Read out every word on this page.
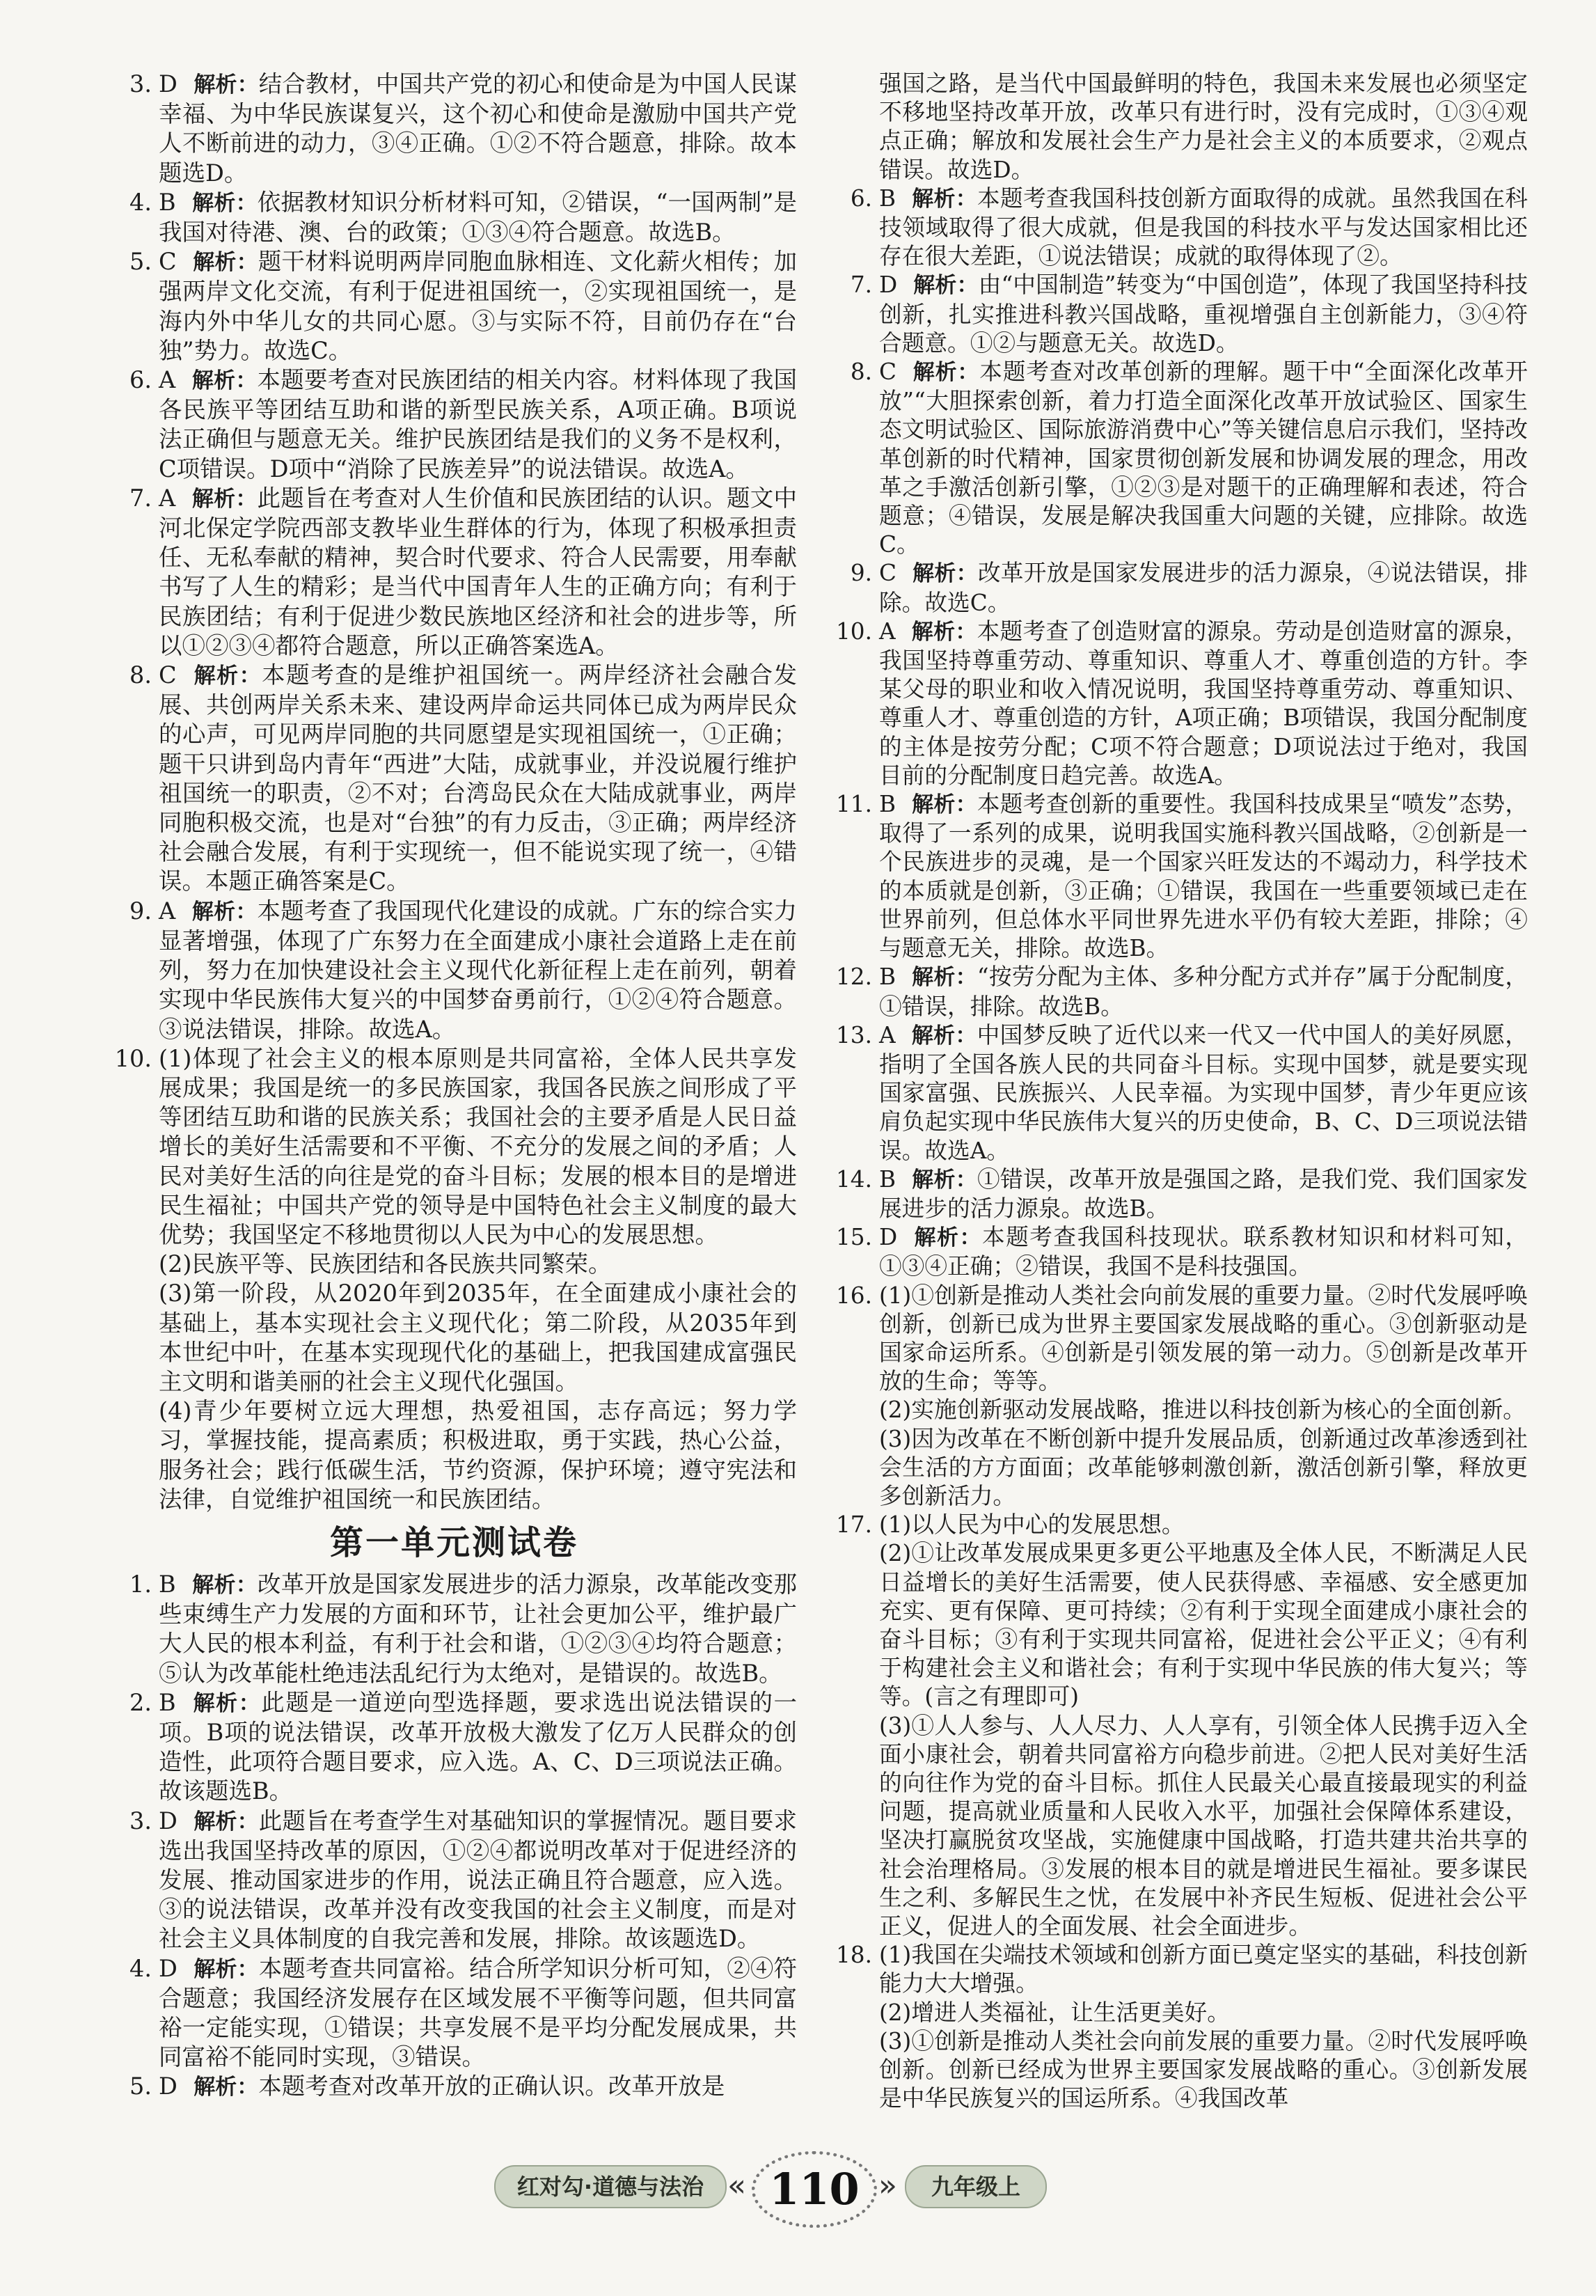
3. D 解析：结合教材，中国共产党的初心和使命是为中国人民谋幸福、为中华民族谋复兴，这个初心和使命是激励中国共产党人不断前进的动力，③④正确。①②不符合题意，排除。故本题选D。
4. B 解析：依据教材知识分析材料可知，②错误，“一国两制”是我国对待港、澳、台的政策；①③④符合题意。故选B。
5. C 解析：题干材料说明两岸同胞血脉相连、文化薪火相传；加强两岸文化交流，有利于促进祖国统一，②实现祖国统一，是海内外中华儿女的共同心愿。③与实际不符，目前仍存在“台独”势力。故选C。
6. A 解析：本题要考查对民族团结的相关内容。材料体现了我国各民族平等团结互助和谐的新型民族关系，A项正确。B项说法正确但与题意无关。维护民族团结是我们的义务不是权利，C项错误。D项中“消除了民族差异”的说法错误。故选A。
7. A 解析：此题旨在考查对人生价值和民族团结的认识。题文中河北保定学院西部支教毕业生群体的行为，体现了积极承担责任、无私奉献的精神，契合时代要求、符合人民需要，用奉献书写了人生的精彩；是当代中国青年人生的正确方向；有利于民族团结；有利于促进少数民族地区经济和社会的进步等，所以①②③④都符合题意，所以正确答案选A。
8. C 解析：本题考查的是维护祖国统一。两岸经济社会融合发展、共创两岸关系未来、建设两岸命运共同体已成为两岸民众的心声，可见两岸同胞的共同愿望是实现祖国统一，①正确；题干只讲到岛内青年“西进”大陆，成就事业，并没说履行维护祖国统一的职责，②不对；台湾岛民众在大陆成就事业，两岸同胞积极交流，也是对“台独”的有力反击，③正确；两岸经济社会融合发展，有利于实现统一，但不能说实现了统一，④错误。本题正确答案是C。
9. A 解析：本题考查了我国现代化建设的成就。广东的综合实力显著增强，体现了广东努力在全面建成小康社会道路上走在前列，努力在加快建设社会主义现代化新征程上走在前列，朝着实现中华民族伟大复兴的中国梦奋勇前行，①②④符合题意。③说法错误，排除。故选A。
10. (1)体现了社会主义的根本原则是共同富裕，全体人民共享发展成果；我国是统一的多民族国家，我国各民族之间形成了平等团结互助和谐的民族关系；我国社会的主要矛盾是人民日益增长的美好生活需要和不平衡、不充分的发展之间的矛盾；人民对美好生活的向往是党的奋斗目标；发展的根本目的是增进民生福祉；中国共产党的领导是中国特色社会主义制度的最大优势；我国坚定不移地贯彻以人民为中心的发展思想。
(2)民族平等、民族团结和各民族共同繁荣。
(3)第一阶段，从2020年到2035年，在全面建成小康社会的基础上，基本实现社会主义现代化；第二阶段，从2035年到本世纪中叶，在基本实现现代化的基础上，把我国建成富强民主文明和谐美丽的社会主义现代化强国。
(4)青少年要树立远大理想，热爱祖国，志存高远；努力学习，掌握技能，提高素质；积极进取，勇于实践，热心公益，服务社会；践行低碳生活，节约资源，保护环境；遵守宪法和法律，自觉维护祖国统一和民族团结。
第一单元测试卷
1. B 解析：改革开放是国家发展进步的活力源泉，改革能改变那些束缚生产力发展的方面和环节，让社会更加公平，维护最广大人民的根本利益，有利于社会和谐，①②③④均符合题意；⑤认为改革能杜绝违法乱纪行为太绝对，是错误的。故选B。
2. B 解析：此题是一道逆向型选择题，要求选出说法错误的一项。B项的说法错误，改革开放极大激发了亿万人民群众的创造性，此项符合题目要求，应入选。A、C、D三项说法正确。故该题选B。
3. D 解析：此题旨在考查学生对基础知识的掌握情况。题目要求选出我国坚持改革的原因，①②④都说明改革对于促进经济的发展、推动国家进步的作用，说法正确且符合题意，应入选。③的说法错误，改革并没有改变我国的社会主义制度，而是对社会主义具体制度的自我完善和发展，排除。故该题选D。
4. D 解析：本题考查共同富裕。结合所学知识分析可知，②④符合题意；我国经济发展存在区域发展不平衡等问题，但共同富裕一定能实现，①错误；共享发展不是平均分配发展成果，共同富裕不能同时实现，③错误。
5. D 解析：本题考查对改革开放的正确认识。改革开放是

强国之路，是当代中国最鲜明的特色，我国未来发展也必须坚定不移地坚持改革开放，改革只有进行时，没有完成时，①③④观点正确；解放和发展社会生产力是社会主义的本质要求，②观点错误。故选D。

6. B 解析：本题考查我国科技创新方面取得的成就。虽然我国在科技领域取得了很大成就，但是我国的科技水平与发达国家相比还存在很大差距，①说法错误；成就的取得体现了②。
7. D 解析：由“中国制造”转变为“中国创造”，体现了我国坚持科技创新，扎实推进科教兴国战略，重视增强自主创新能力，③④符合题意。①②与题意无关。故选D。
8. C 解析：本题考查对改革创新的理解。题干中“全面深化改革开放”“大胆探索创新，着力打造全面深化改革开放试验区、国家生态文明试验区、国际旅游消费中心”等关键信息启示我们，坚持改革创新的时代精神，国家贯彻创新发展和协调发展的理念，用改革之手激活创新引擎，①②③是对题干的正确理解和表述，符合题意；④错误，发展是解决我国重大问题的关键，应排除。故选C。
9. C 解析：改革开放是国家发展进步的活力源泉，④说法错误，排除。故选C。
10. A 解析：本题考查了创造财富的源泉。劳动是创造财富的源泉，我国坚持尊重劳动、尊重知识、尊重人才、尊重创造的方针。李某父母的职业和收入情况说明，我国坚持尊重劳动、尊重知识、尊重人才、尊重创造的方针，A项正确；B项错误，我国分配制度的主体是按劳分配；C项不符合题意；D项说法过于绝对，我国目前的分配制度日趋完善。故选A。
11. B 解析：本题考查创新的重要性。我国科技成果呈“喷发”态势，取得了一系列的成果，说明我国实施科教兴国战略，②创新是一个民族进步的灵魂，是一个国家兴旺发达的不竭动力，科学技术的本质就是创新，③正确；①错误，我国在一些重要领域已走在世界前列，但总体水平同世界先进水平仍有较大差距，排除；④与题意无关，排除。故选B。
12. B 解析：“按劳分配为主体、多种分配方式并存”属于分配制度，①错误，排除。故选B。
13. A 解析：中国梦反映了近代以来一代又一代中国人的美好夙愿，指明了全国各族人民的共同奋斗目标。实现中国梦，就是要实现国家富强、民族振兴、人民幸福。为实现中国梦，青少年更应该肩负起实现中华民族伟大复兴的历史使命，B、C、D三项说法错误。故选A。
14. B 解析：①错误，改革开放是强国之路，是我们党、我们国家发展进步的活力源泉。故选B。
15. D 解析：本题考查我国科技现状。联系教材知识和材料可知，①③④正确；②错误，我国不是科技强国。
16. (1)①创新是推动人类社会向前发展的重要力量。②时代发展呼唤创新，创新已成为世界主要国家发展战略的重心。③创新驱动是国家命运所系。④创新是引领发展的第一动力。⑤创新是改革开放的生命；等等。
(2)实施创新驱动发展战略，推进以科技创新为核心的全面创新。
(3)因为改革在不断创新中提升发展品质，创新通过改革渗透到社会生活的方方面面；改革能够刺激创新，激活创新引擎，释放更多创新活力。
17. (1)以人民为中心的发展思想。
(2)①让改革发展成果更多更公平地惠及全体人民，不断满足人民日益增长的美好生活需要，使人民获得感、幸福感、安全感更加充实、更有保障、更可持续；②有利于实现全面建成小康社会的奋斗目标；③有利于实现共同富裕，促进社会公平正义；④有利于构建社会主义和谐社会；有利于实现中华民族的伟大复兴；等等。(言之有理即可)
(3)①人人参与、人人尽力、人人享有，引领全体人民携手迈入全面小康社会，朝着共同富裕方向稳步前进。②把人民对美好生活的向往作为党的奋斗目标。抓住人民最关心最直接最现实的利益问题，提高就业质量和人民收入水平，加强社会保障体系建设，坚决打赢脱贫攻坚战，实施健康中国战略，打造共建共治共享的社会治理格局。③发展的根本目的就是增进民生福祉。要多谋民生之利、多解民生之忧，在发展中补齐民生短板、促进社会公平正义，促进人的全面发展、社会全面进步。
18. (1)我国在尖端技术领域和创新方面已奠定坚实的基础，科技创新能力大大增强。
(2)增进人类福祉，让生活更美好。
(3)①创新是推动人类社会向前发展的重要力量。②时代发展呼唤创新。创新已经成为世界主要国家发展战略的重心。③创新发展是中华民族复兴的国运所系。④我国改革
红对勾·道德与法治 « 110 »	九年级上
